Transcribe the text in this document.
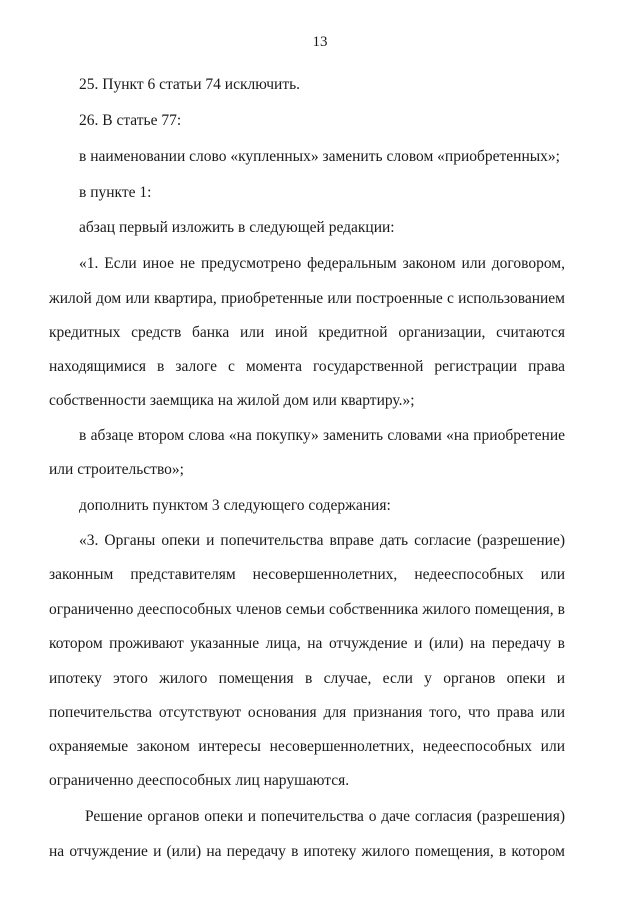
13
25. Пункт 6 статьи 74 исключить.
26. В статье 77:
в наименовании слово «купленных» заменить словом «приобретенных»;
в пункте 1:
абзац первый изложить в следующей редакции:
«1. Если иное не предусмотрено федеральным законом или договором,
жилой дом или квартира, приобретенные или построенные с использованием
кредитных средств банка или иной кредитной организации, считаются
находящимися в залоге с момента государственной регистрации права
собственности заемщика на жилой дом или квартиру.»;
в абзаце втором слова «на покупку» заменить словами «на приобретение
или строительство»;
дополнить пунктом 3 следующего содержания:
«3. Органы опеки и попечительства вправе дать согласие (разрешение)
законным представителям несовершеннолетних, недееспособных или
ограниченно дееспособных членов семьи собственника жилого помещения, в
котором проживают указанные лица, на отчуждение и (или) на передачу в
ипотеку этого жилого помещения в случае, если у органов опеки и
попечительства отсутствуют основания для признания того, что права или
охраняемые законом интересы несовершеннолетних, недееспособных или
ограниченно дееспособных лиц нарушаются.
Решение органов опеки и попечительства о даче согласия (разрешения)
на отчуждение и (или) на передачу в ипотеку жилого помещения, в котором
